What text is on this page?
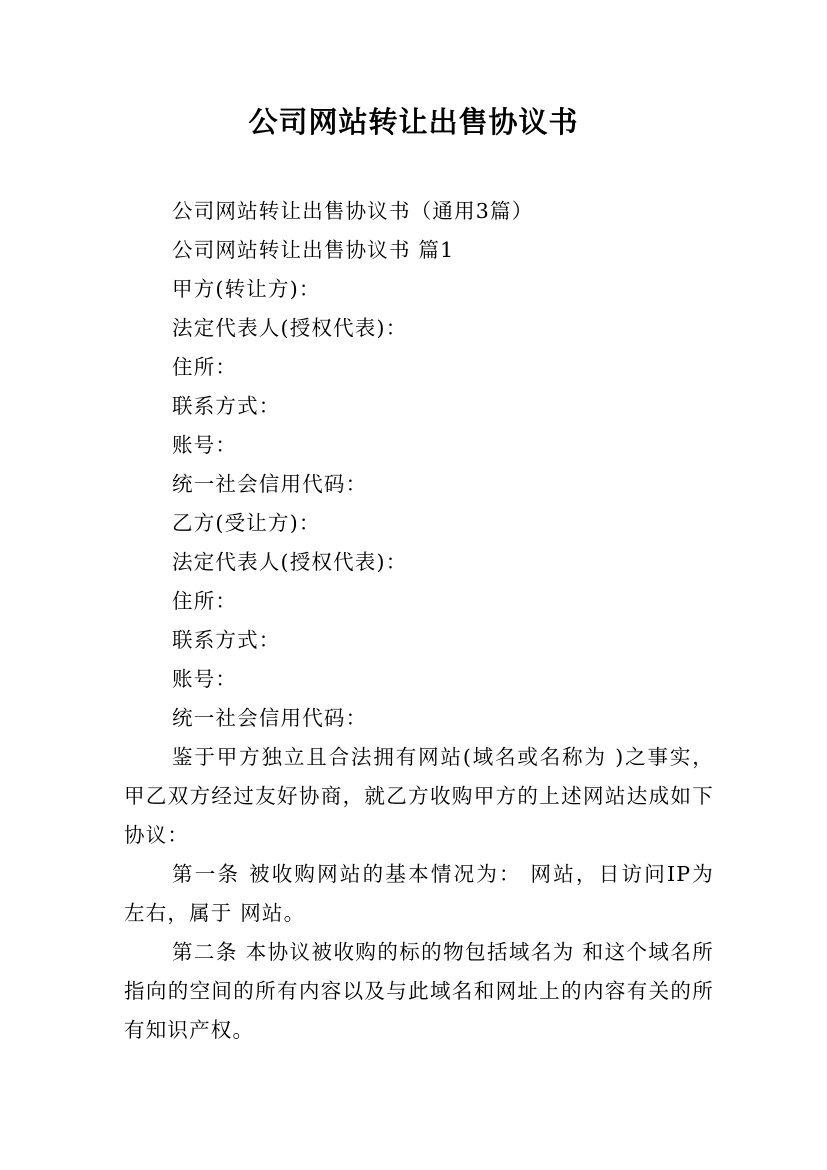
公司网站转让出售协议书
公司网站转让出售协议书（通用3篇）
公司网站转让出售协议书 篇1
甲方(转让方)：
法定代表人(授权代表)：
住所：
联系方式：
账号：
统一社会信用代码：
乙方(受让方)：
法定代表人(授权代表)：
住所：
联系方式：
账号：
统一社会信用代码：
鉴于甲方独立且合法拥有网站(域名或名称为 )之事实，甲乙双方经过友好协商，就乙方收购甲方的上述网站达成如下协议：
第一条 被收购网站的基本情况为： 网站，日访问IP为 左右，属于 网站。
第二条 本协议被收购的标的物包括域名为 和这个域名所指向的空间的所有内容以及与此域名和网址上的内容有关的所有知识产权。
